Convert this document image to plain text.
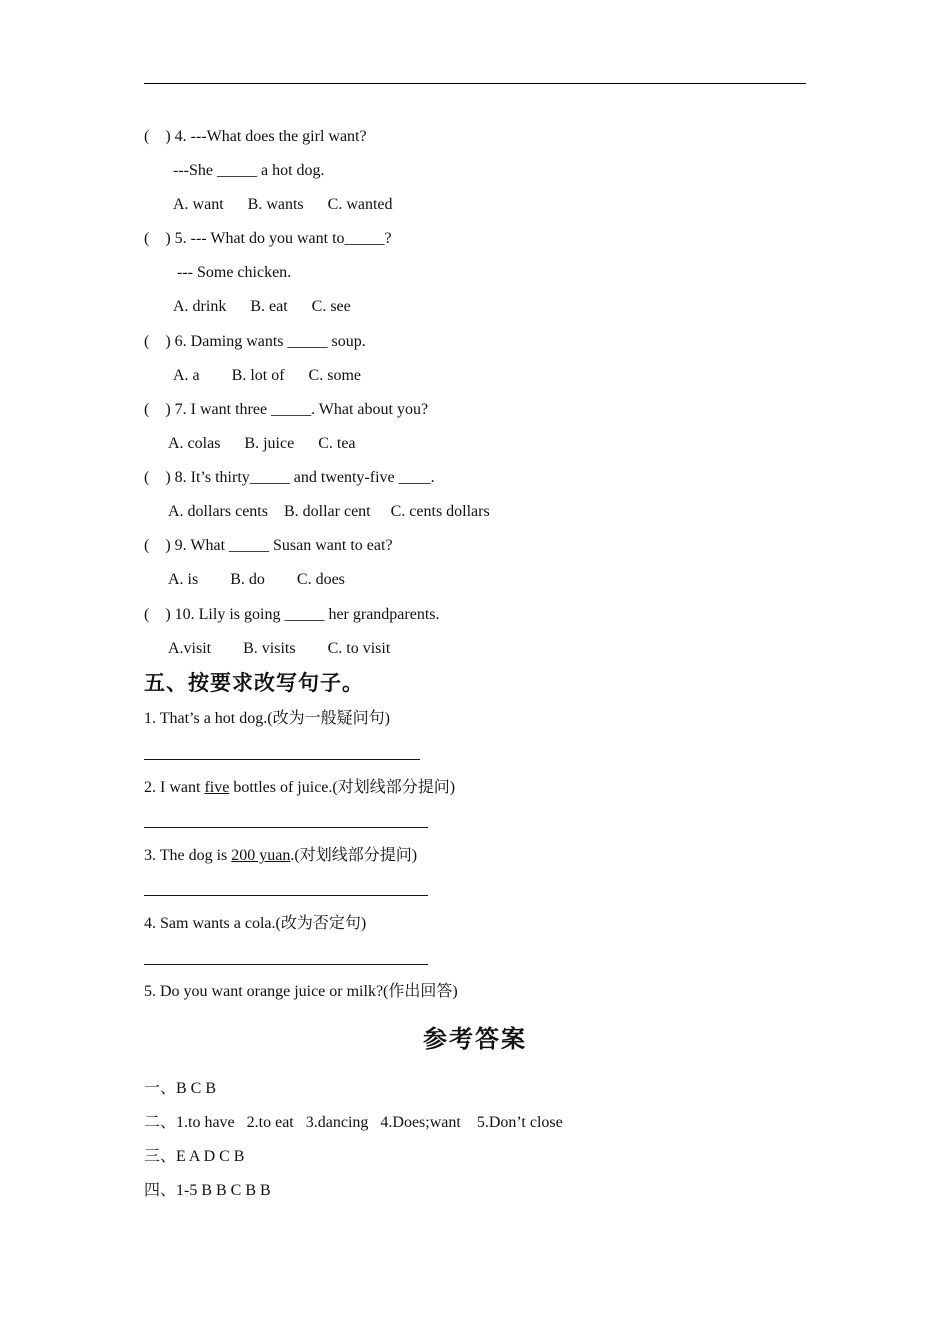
(    ) 4. ---What does the girl want?
---She _____ a hot dog.
A. want      B. wants      C. wanted
(    ) 5. --- What do you want to_____?
--- Some chicken.
A. drink      B. eat      C. see
(    ) 6. Daming wants _____ soup.
A. a        B. lot of      C. some
(    ) 7. I want three _____. What about you?
A. colas      B. juice      C. tea
(    ) 8. It’s thirty_____ and twenty-five ____.
A. dollars cents    B. dollar cent     C. cents dollars
(    ) 9. What _____ Susan want to eat?
A. is        B. do        C. does
(    ) 10. Lily is going _____ her grandparents.
A.visit        B. visits        C. to visit
五、按要求改写句子。
1. That’s a hot dog.(改为一般疑问句)
2. I want five bottles of juice.(对划线部分提问)
3. The dog is 200 yuan.(对划线部分提问)
4. Sam wants a cola.(改为否定句)
5. Do you want orange juice or milk?(作出回答)
参考答案
一、B C B
二、1.to have   2.to eat   3.dancing   4.Does;want    5.Don’t close
三、E A D C B
四、1-5 B B C B B
